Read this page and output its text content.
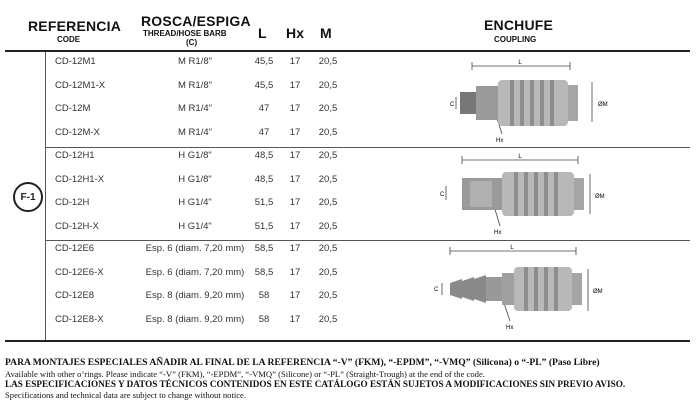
REFERENCIA
CODE
ROSCA/ESPIGA
THREAD/HOSE BARB
(C)
L Hx M	ENCHUFE
COUPLING
F-1
CD-12M1	M R1/8"	45,5	17	20,5
CD-12M1-X	M R1/8"	45,5	17	20,5
CD-12M	M R1/4"	47	17	20,5
CD-12M-X	M R1/4"	47	17	20,5
CD-12H1	H G1/8"	48,5	17	20,5
CD-12H1-X	H G1/8"	48,5	17	20,5
CD-12H	H G1/4"	51,5	17	20,5
CD-12H-X	H G1/4"	51,5	17	20,5
CD-12E6	Esp. 6 (diam. 7,20 mm)	58,5	17	20,5
CD-12E6-X	Esp. 6 (diam. 7,20 mm)	58,5	17	20,5
CD-12E8	Esp. 8 (diam. 9,20 mm)	58	17	20,5
CD-12E8-X	Esp. 8 (diam. 9,20 mm)	58	17	20,5
L
C	ØM
Hx
L
C	ØM
Hx
L
C	ØM
Hx
PARA MONTAJES ESPECIALES AÑADIR AL FINAL DE LA REFERENCIA “-V” (FKM), “-EPDM”, “-VMQ” (Silicona) o “-PL” (Paso Libre)
Available with other o’rings. Please indicate “-V” (FKM), “-EPDM”, “-VMQ” (Silicone) or “-PL” (Straight-Trough) at the end of the code.
LAS ESPECIFICACIONES Y DATOS TÉCNICOS CONTENIDOS EN ESTE CATÁLOGO ESTÁN SUJETOS A MODIFICACIONES SIN PREVIO AVISO.
Specifications and technical data are subject to change without notice.
